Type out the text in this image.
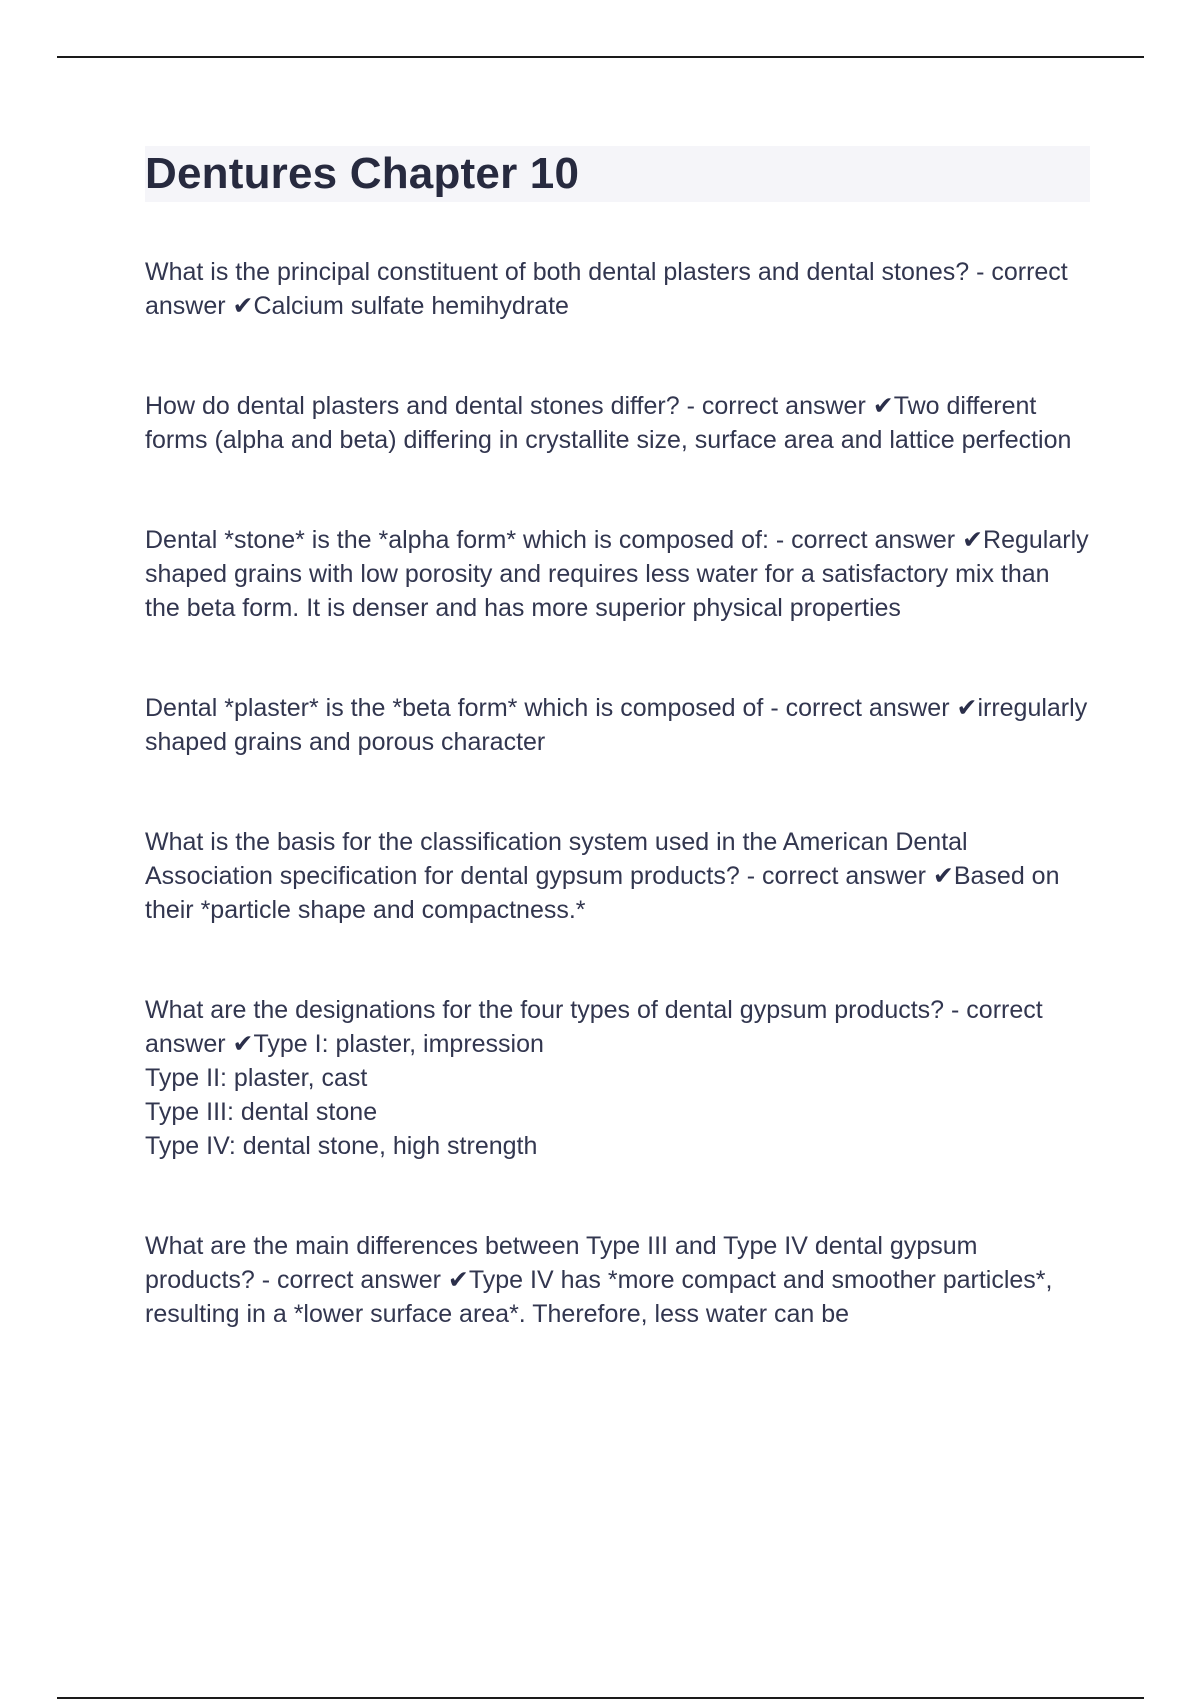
Dentures Chapter 10

What is the principal constituent of both dental plasters and dental stones? - correct answer ✔Calcium sulfate hemihydrate

How do dental plasters and dental stones differ? - correct answer ✔Two different forms (alpha and beta) differing in crystallite size, surface area and lattice perfection

Dental *stone* is the *alpha form* which is composed of: - correct answer ✔Regularly shaped grains with low porosity and requires less water for a satisfactory mix than the beta form. It is denser and has more superior physical properties

Dental *plaster* is the *beta form* which is composed of - correct answer ✔irregularly shaped grains and porous character

What is the basis for the classification system used in the American Dental Association specification for dental gypsum products? - correct answer ✔Based on their *particle shape and compactness.*

What are the designations for the four types of dental gypsum products? - correct answer ✔Type I: plaster, impression

Type II: plaster, cast

Type III: dental stone

Type IV: dental stone, high strength

What are the main differences between Type III and Type IV dental gypsum products? - correct answer ✔Type IV has *more compact and smoother particles*, resulting in a *lower surface area*. Therefore, less water can be
